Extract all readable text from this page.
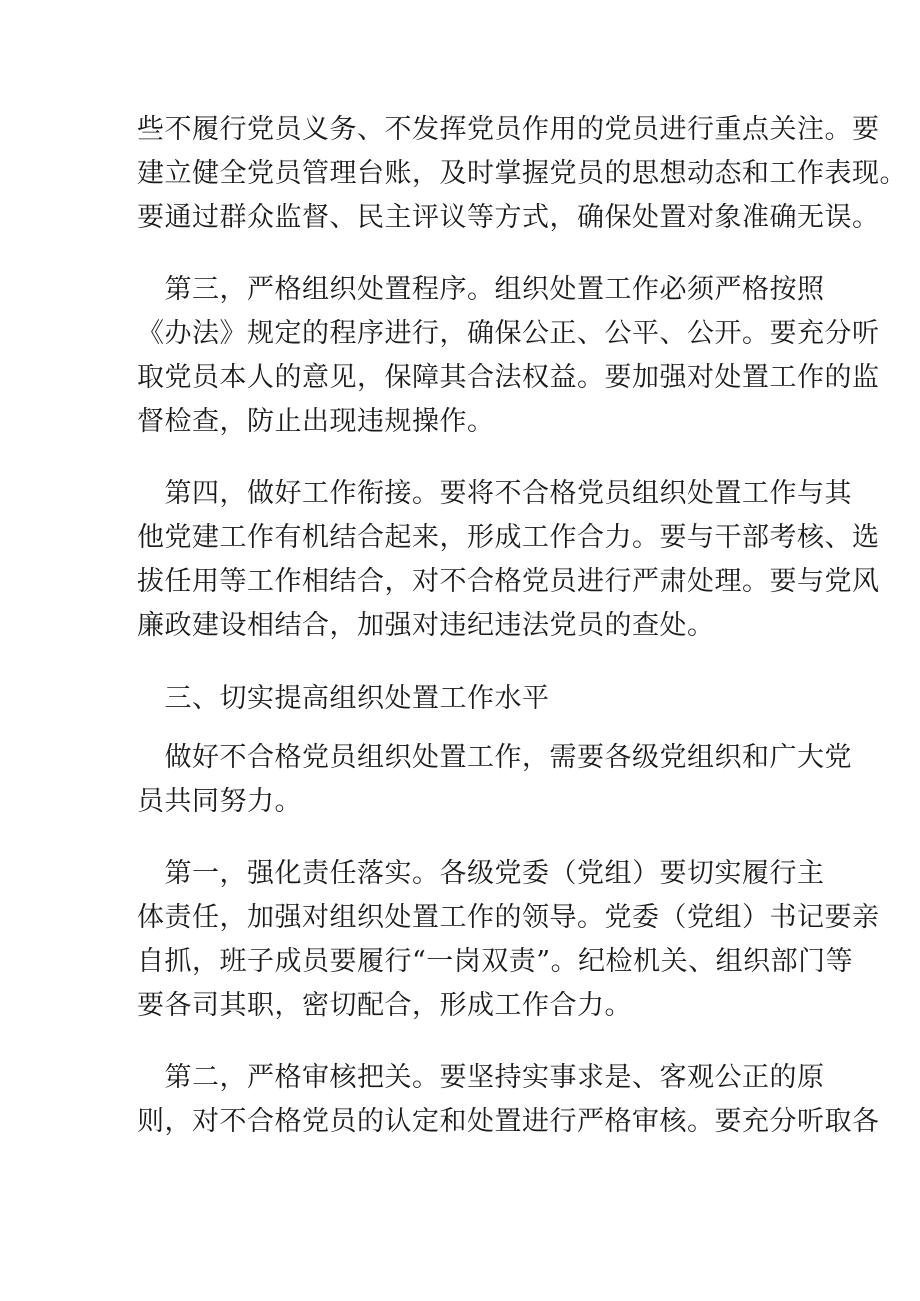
些不履行党员义务、不发挥党员作用的党员进行重点关注。要
建立健全党员管理台账，及时掌握党员的思想动态和工作表现。
要通过群众监督、民主评议等方式，确保处置对象准确无误。
　第三，严格组织处置程序。组织处置工作必须严格按照
《办法》规定的程序进行，确保公正、公平、公开。要充分听
取党员本人的意见，保障其合法权益。要加强对处置工作的监
督检查，防止出现违规操作。
　第四，做好工作衔接。要将不合格党员组织处置工作与其
他党建工作有机结合起来，形成工作合力。要与干部考核、选
拔任用等工作相结合，对不合格党员进行严肃处理。要与党风
廉政建设相结合，加强对违纪违法党员的查处。
　三、切实提高组织处置工作水平
　做好不合格党员组织处置工作，需要各级党组织和广大党
员共同努力。
　第一，强化责任落实。各级党委（党组）要切实履行主
体责任，加强对组织处置工作的领导。党委（党组）书记要亲
自抓，班子成员要履行“一岗双责”。纪检机关、组织部门等
要各司其职，密切配合，形成工作合力。
　第二，严格审核把关。要坚持实事求是、客观公正的原
则，对不合格党员的认定和处置进行严格审核。要充分听取各
